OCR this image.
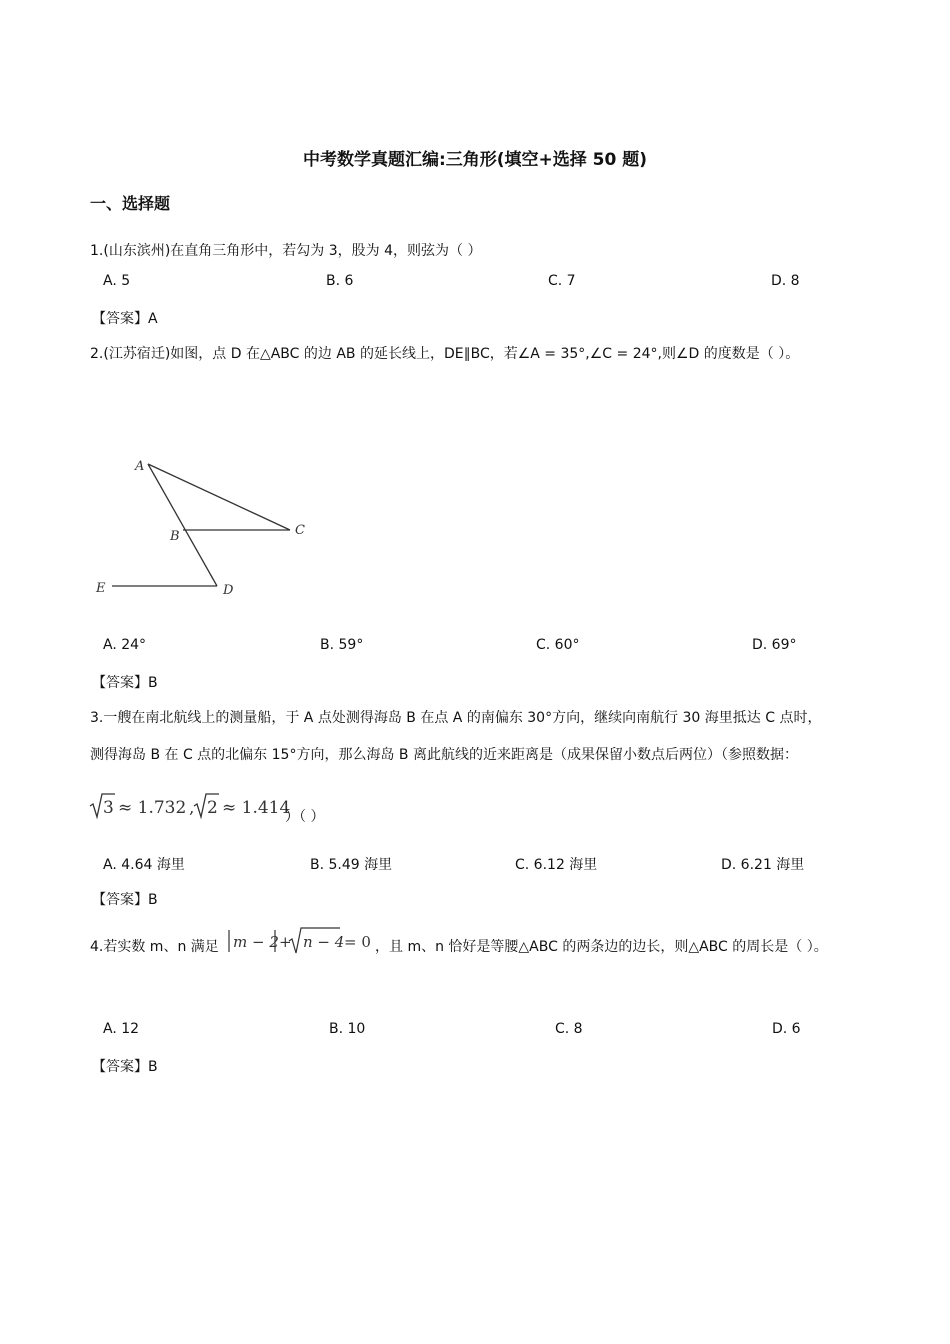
中考数学真题汇编:三角形(填空+选择 50 题)
一、选择题
1.(山东滨州)在直角三角形中，若勾为 3，股为 4，则弦为（ ）
A. 5	B. 6	C. 7	D. 8
【答案】A
2.(江苏宿迁)如图，点 D 在△ABC 的边 AB 的延长线上，DE∥BC，若∠A = 35°,∠C = 24°,则∠D 的度数是（ ）。
A
B	C
D
E
A. 24°	B. 59°	C. 60°	D. 69°
【答案】B
3.一艘在南北航线上的测量船，于 A 点处测得海岛 B 在点 A 的南偏东 30°方向，继续向南航行 30 海里抵达 C 点时，
测得海岛 B 在 C 点的北偏东 15°方向，那么海岛 B 离此航线的近来距离是（成果保留小数点后两位）（参照数据：
3 ≈ 1.732 , 2 ≈ 1.414
）（ ）
A. 4.64 海里	B. 5.49 海里	C. 6.12 海里	D. 6.21 海里
【答案】B
4.若实数 m、n 满足 m − 2 + n − 4 = 0 ，且 m、n 恰好是等腰△ABC 的两条边的边长，则△ABC 的周长是（ ）。
A. 12	B. 10	C. 8	D. 6
【答案】B
